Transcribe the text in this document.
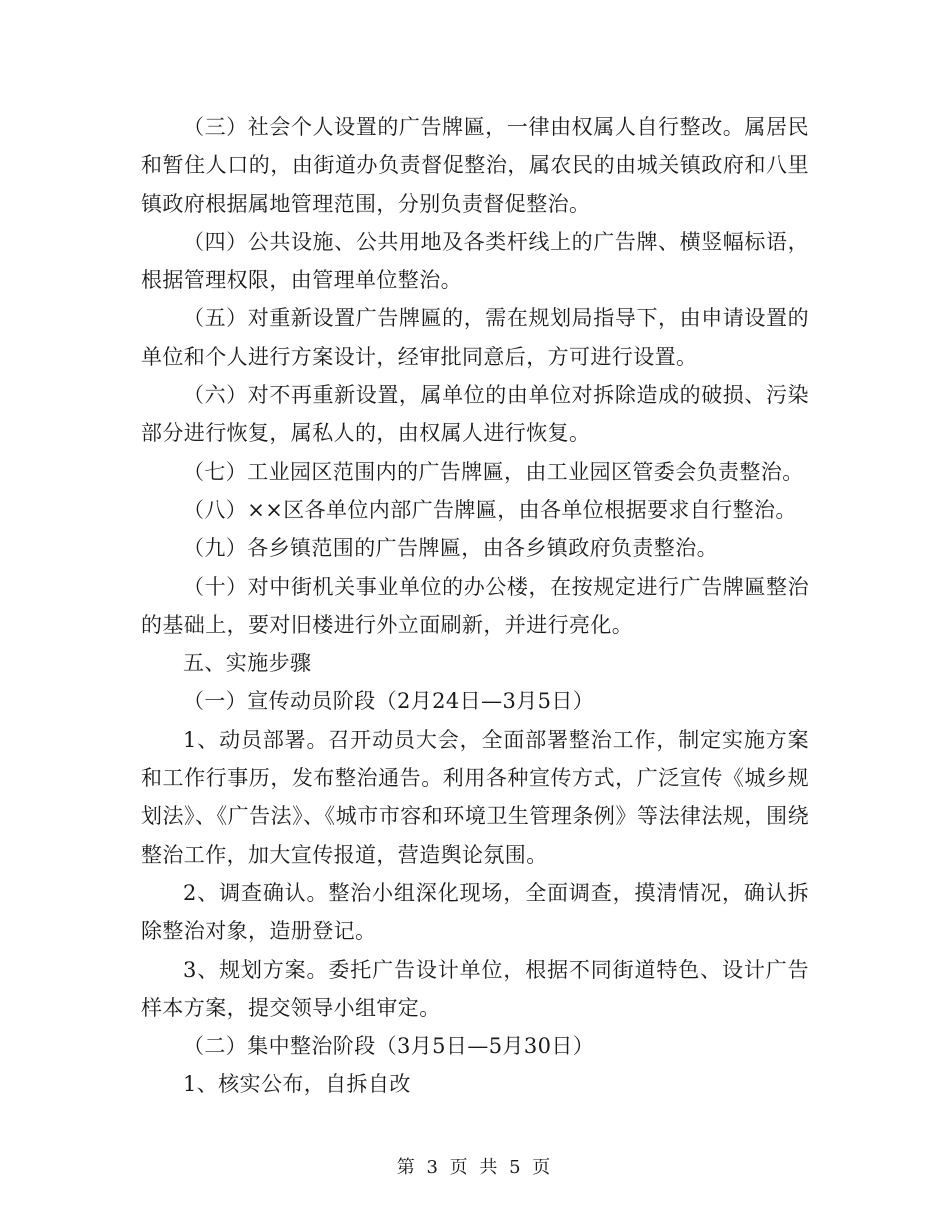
（三）社会个人设置的广告牌匾，一律由权属人自行整改。属居民和暂住人口的，由街道办负责督促整治，属农民的由城关镇政府和八里镇政府根据属地管理范围，分别负责督促整治。

（四）公共设施、公共用地及各类杆线上的广告牌、横竖幅标语，根据管理权限，由管理单位整治。

（五）对重新设置广告牌匾的，需在规划局指导下，由申请设置的单位和个人进行方案设计，经审批同意后，方可进行设置。

（六）对不再重新设置，属单位的由单位对拆除造成的破损、污染部分进行恢复，属私人的，由权属人进行恢复。

（七）工业园区范围内的广告牌匾，由工业园区管委会负责整治。

（八）××区各单位内部广告牌匾，由各单位根据要求自行整治。

（九）各乡镇范围的广告牌匾，由各乡镇政府负责整治。

（十）对中街机关事业单位的办公楼，在按规定进行广告牌匾整治的基础上，要对旧楼进行外立面刷新，并进行亮化。

五、实施步骤

（一）宣传动员阶段（2月24日—3月5日）

1、动员部署。召开动员大会，全面部署整治工作，制定实施方案和工作行事历，发布整治通告。利用各种宣传方式，广泛宣传《城乡规划法》、《广告法》、《城市市容和环境卫生管理条例》等法律法规，围绕整治工作，加大宣传报道，营造舆论氛围。

2、调查确认。整治小组深化现场，全面调查，摸清情况，确认拆除整治对象，造册登记。

3、规划方案。委托广告设计单位，根据不同街道特色、设计广告样本方案，提交领导小组审定。

（二）集中整治阶段（3月5日—5月30日）

1、核实公布，自拆自改

第 3 页 共 5 页
